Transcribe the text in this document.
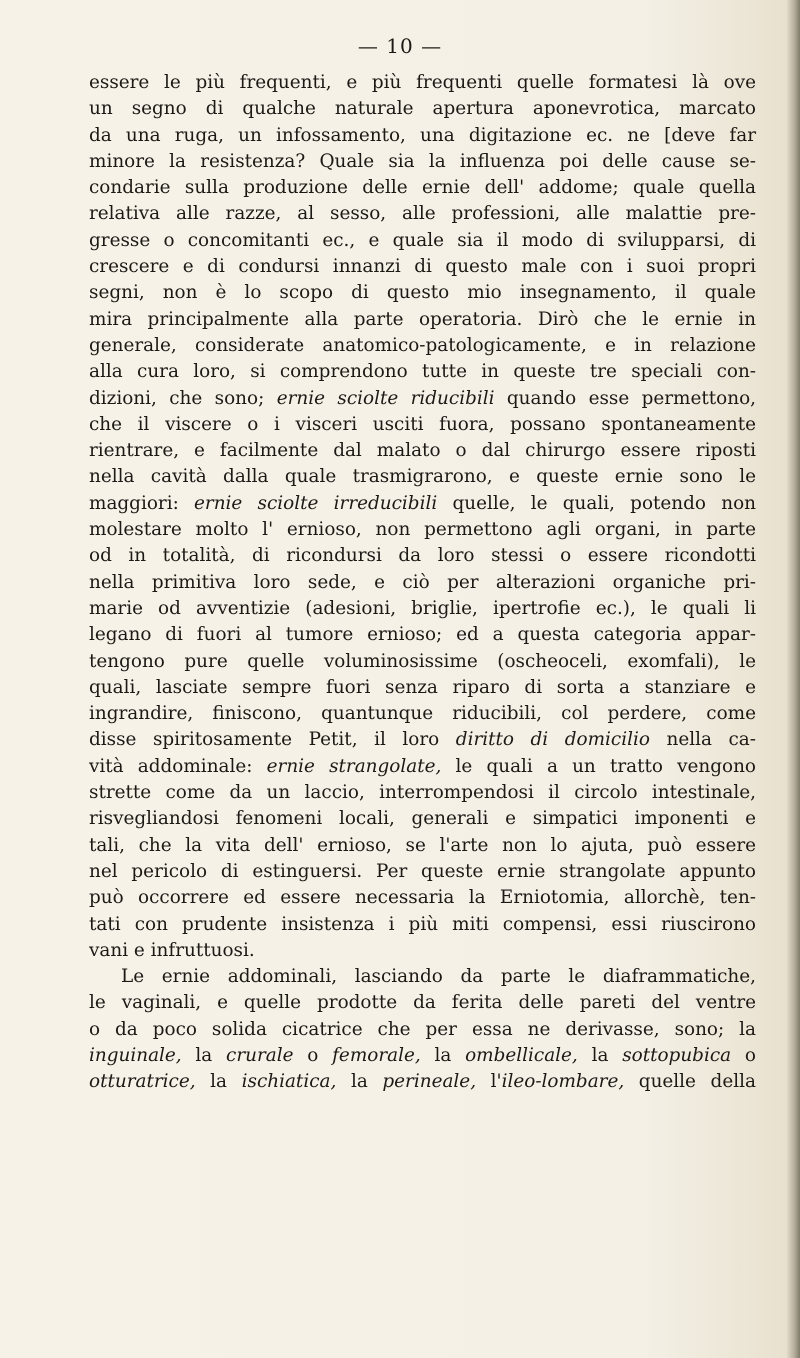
— 10 —
essere le più frequenti, e più frequenti quelle formatesi là ove
un segno di qualche naturale apertura aponevrotica, marcato
da una ruga, un infossamento, una digitazione ec. ne [deve far
minore la resistenza? Quale sia la influenza poi delle cause se-
condarie sulla produzione delle ernie dell' addome; quale quella
relativa alle razze, al sesso, alle professioni, alle malattie pre-
gresse o concomitanti ec., e quale sia il modo di svilupparsi, di
crescere e di condursi innanzi di questo male con i suoi propri
segni, non è lo scopo di questo mio insegnamento, il quale
mira principalmente alla parte operatoria. Dirò che le ernie in
generale, considerate anatomico-patologicamente, e in relazione
alla cura loro, si comprendono tutte in queste tre speciali con-
dizioni, che sono; ernie sciolte riducibili quando esse permettono,
che il viscere o i visceri usciti fuora, possano spontaneamente
rientrare, e facilmente dal malato o dal chirurgo essere riposti
nella cavità dalla quale trasmigrarono, e queste ernie sono le
maggiori: ernie sciolte irreducibili quelle, le quali, potendo non
molestare molto l' ernioso, non permettono agli organi, in parte
od in totalità, di ricondursi da loro stessi o essere ricondotti
nella primitiva loro sede, e ciò per alterazioni organiche pri-
marie od avventizie (adesioni, briglie, ipertrofie ec.), le quali li
legano di fuori al tumore ernioso; ed a questa categoria appar-
tengono pure quelle voluminosissime (oscheoceli, exomfali), le
quali, lasciate sempre fuori senza riparo di sorta a stanziare e
ingrandire, finiscono, quantunque riducibili, col perdere, come
disse spiritosamente Petit, il loro diritto di domicilio nella ca-
vità addominale: ernie strangolate, le quali a un tratto vengono
strette come da un laccio, interrompendosi il circolo intestinale,
risvegliandosi fenomeni locali, generali e simpatici imponenti e
tali, che la vita dell' ernioso, se l'arte non lo ajuta, può essere
nel pericolo di estinguersi. Per queste ernie strangolate appunto
può occorrere ed essere necessaria la Erniotomia, allorchè, ten-
tati con prudente insistenza i più miti compensi, essi riuscirono
vani e infruttuosi.
Le ernie addominali, lasciando da parte le diaframmatiche,
le vaginali, e quelle prodotte da ferita delle pareti del ventre
o da poco solida cicatrice che per essa ne derivasse, sono; la
inguinale, la crurale o femorale, la ombellicale, la sottopubica o
otturatrice, la ischiatica, la perineale, l'ileo-lombare, quelle della
